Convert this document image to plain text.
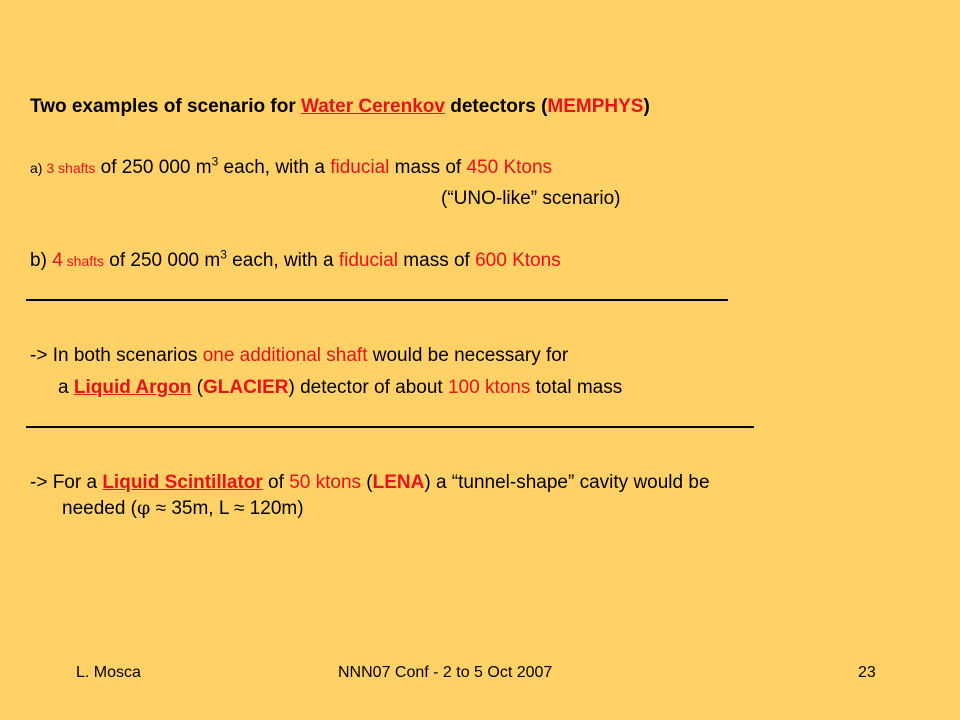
Two examples of scenario for Water Cerenkov detectors (MEMPHYS)
a) 3 shafts of 250 000 $m^3$ each, with a fiducial mass of 450 Ktons
(“UNO-like” scenario)
b) 4 shafts of 250 000 $m^3$ each, with a fiducial mass of 600 Ktons
-> In both scenarios one additional shaft would be necessary for
a Liquid Argon (GLACIER) detector of about 100 ktons total mass
-> For a Liquid Scintillator of 50 ktons (LENA) a “tunnel-shape” cavity would be
needed (φ ≈ 35m, L ≈ 120m)
L. Mosca	NNN07 Conf - 2 to 5 Oct 2007	23
